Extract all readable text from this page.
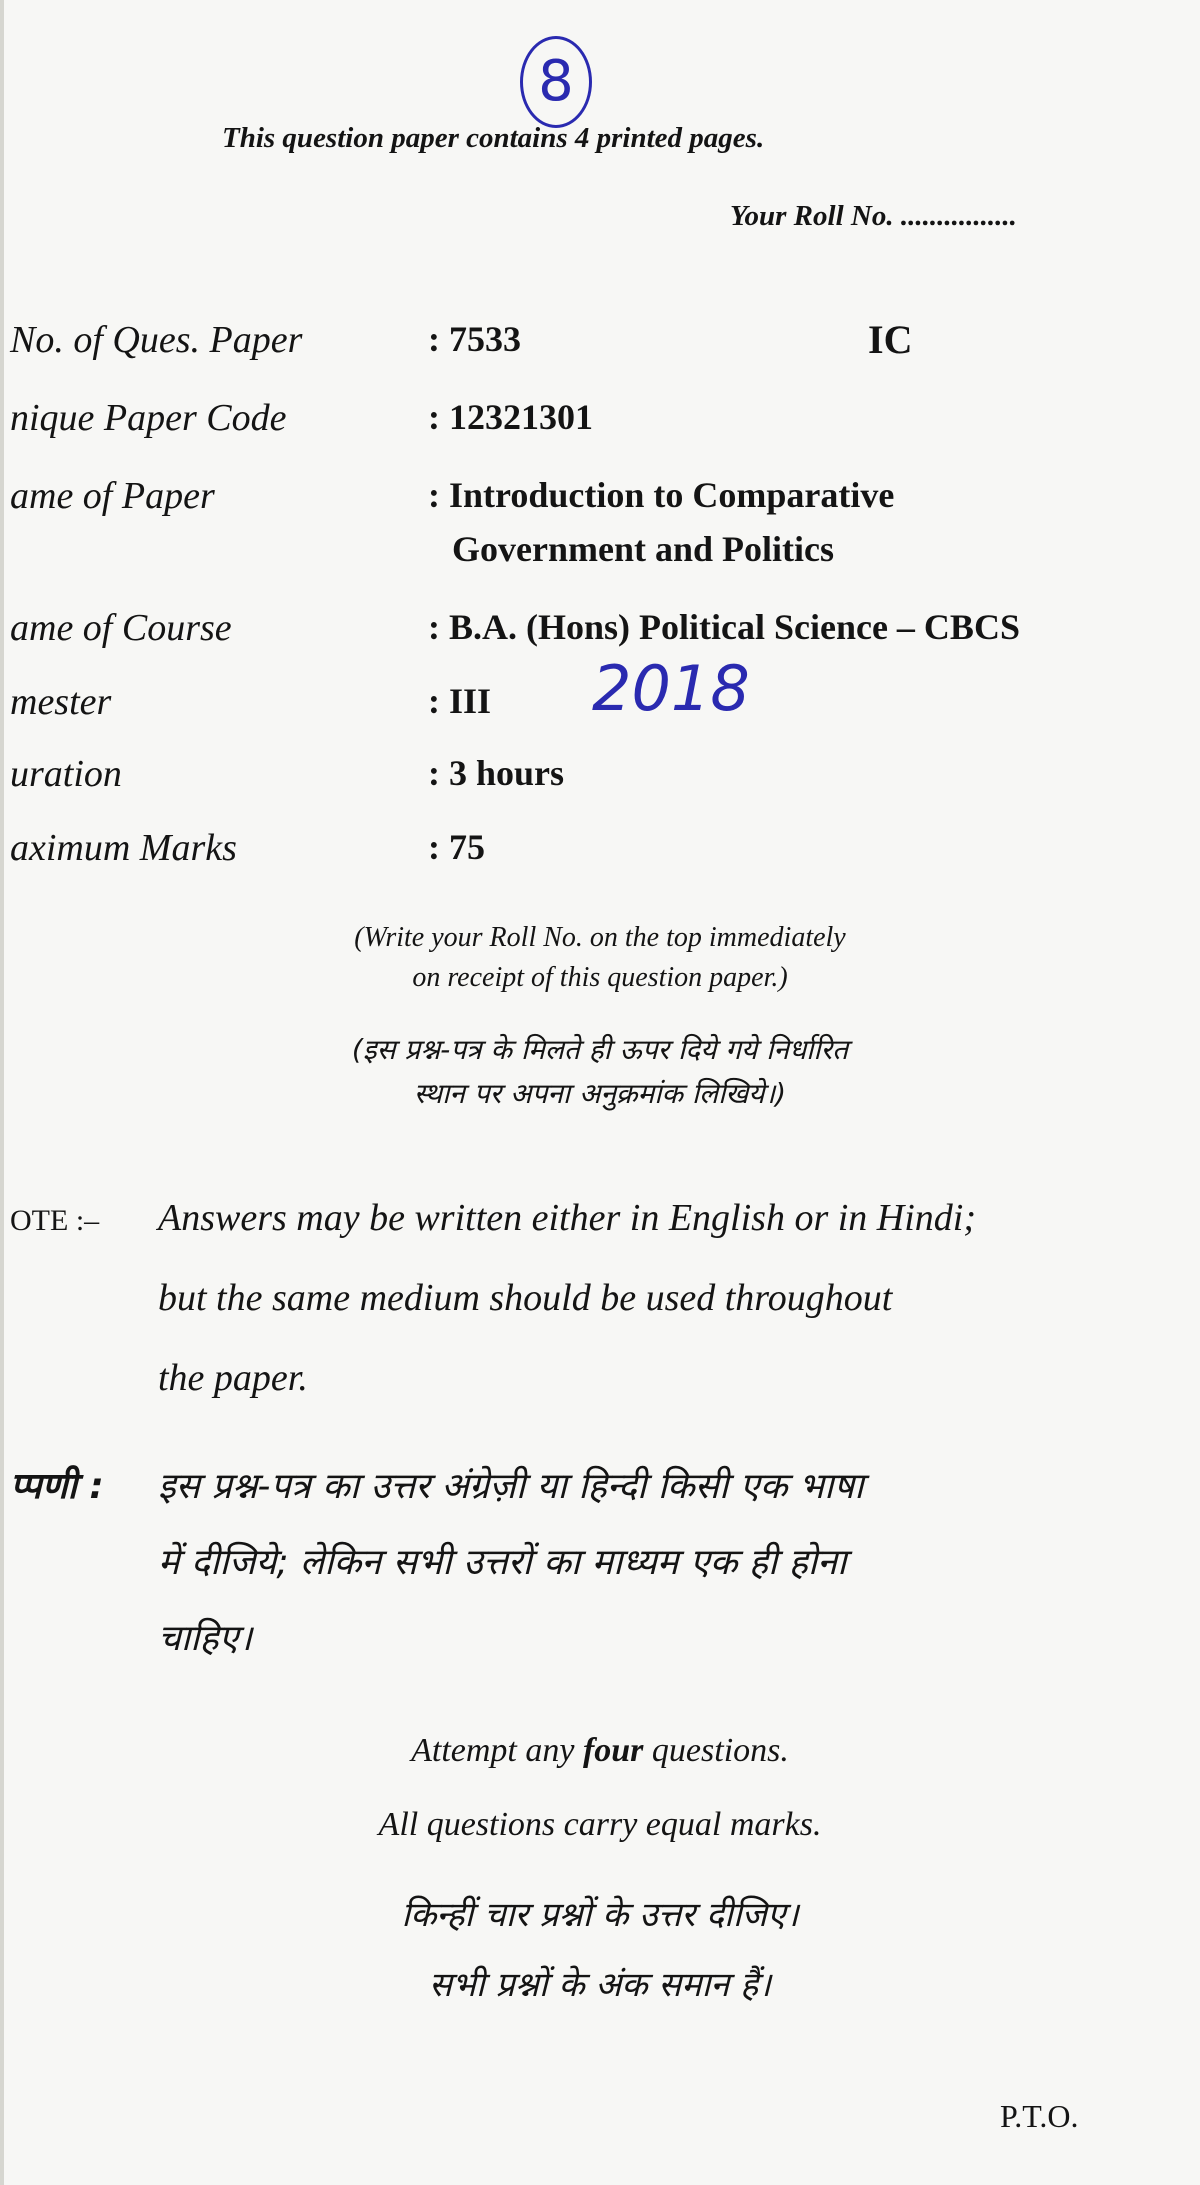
8
This question paper contains 4 printed pages.
Your Roll No. ................
No. of Ques. Paper	: 7533	IC
nique Paper Code	: 12321301
ame of Paper	: Introduction to Comparative
Government and Politics
ame of Course	: B.A. (Hons) Political Science – CBCS
mester	: III 2018
uration	: 3 hours
aximum Marks	: 75
(Write your Roll No. on the top immediately
on receipt of this question paper.)
(इस प्रश्न-पत्र के मिलते ही ऊपर दिये गये निर्धारित
स्थान पर अपना अनुक्रमांक लिखिये।)
OTE :– Answers may be written either in English or in Hindi;
but the same medium should be used throughout
the paper.
प्पणी : इस प्रश्न-पत्र का उत्तर अंग्रेज़ी या हिन्दी किसी एक भाषा
में दीजिये; लेकिन सभी उत्तरों का माध्यम एक ही होना
चाहिए।
Attempt any four questions.
All questions carry equal marks.
किन्हीं चार प्रश्नों के उत्तर दीजिए।
सभी प्रश्नों के अंक समान हैं।
P.T.O.
